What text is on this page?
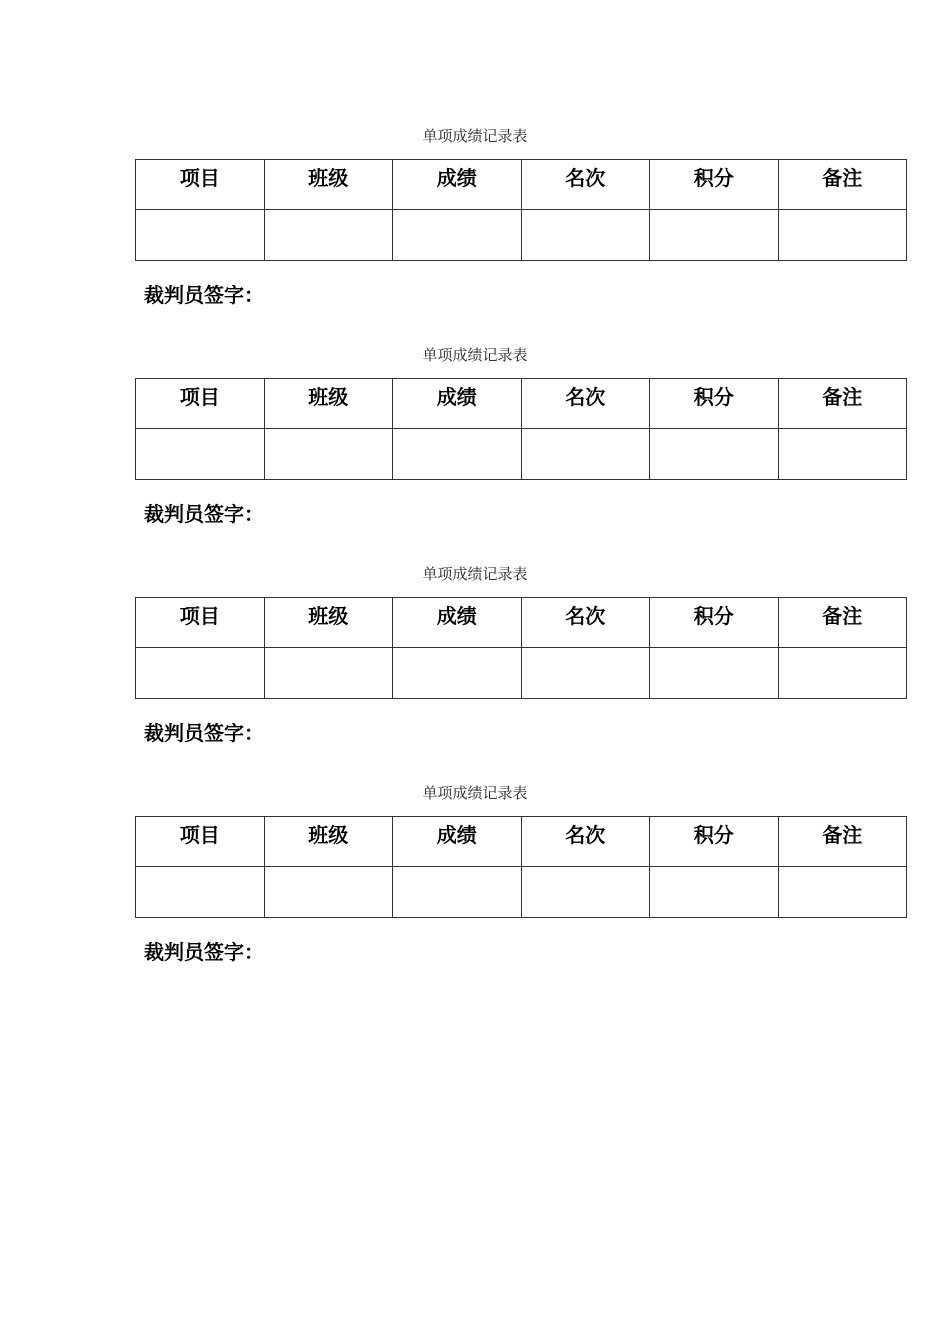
单项成绩记录表
项目	班级	成绩	名次	积分	备注

裁判员签字：
单项成绩记录表
项目	班级	成绩	名次	积分	备注

裁判员签字：
单项成绩记录表
项目	班级	成绩	名次	积分	备注

裁判员签字：
单项成绩记录表
项目	班级	成绩	名次	积分	备注

裁判员签字：
